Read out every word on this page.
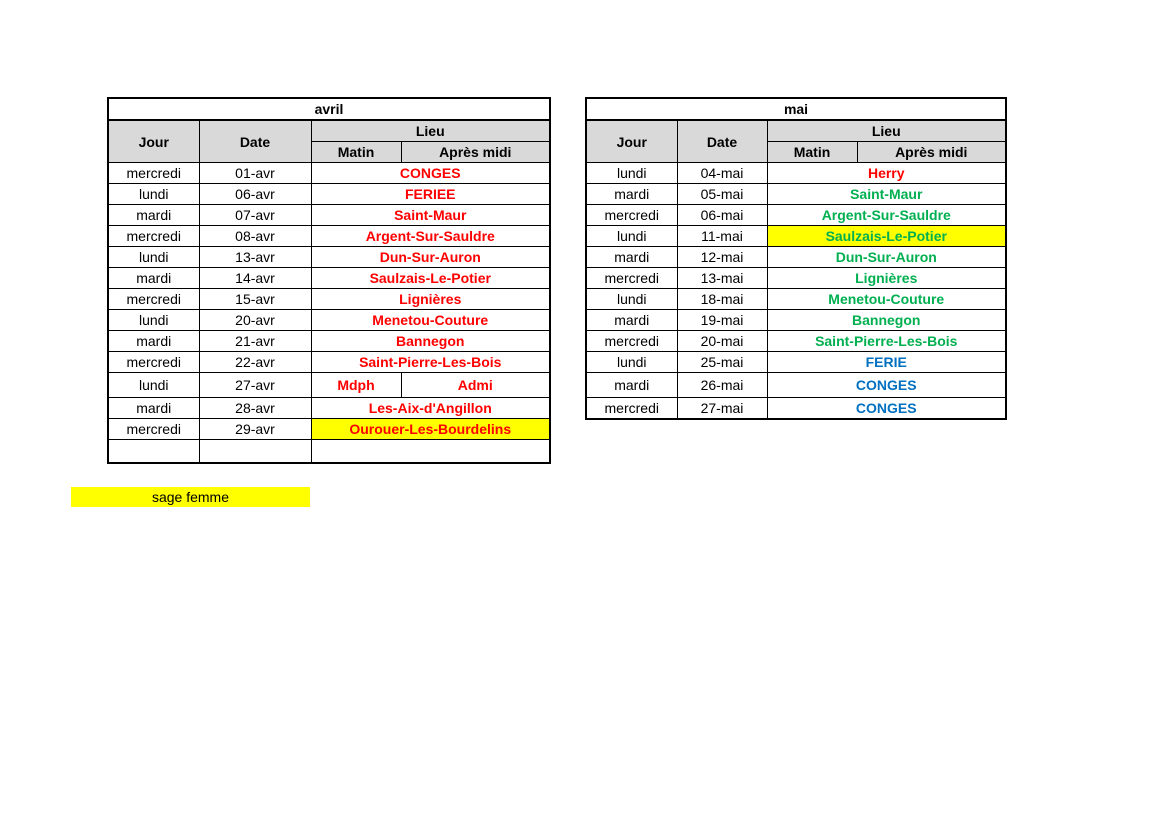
avril			
Jour	Date	Lieu	
		Matin	Après midi
mercredi	01-avr	CONGES	
lundi	06-avr	FERIEE	
mardi	07-avr	Saint-Maur	
mercredi	08-avr	Argent-Sur-Sauldre	
lundi	13-avr	Dun-Sur-Auron	
mardi	14-avr	Saulzais-Le-Potier	
mercredi	15-avr	Lignières	
lundi	20-avr	Menetou-Couture	
mardi	21-avr	Bannegon	
mercredi	22-avr	Saint-Pierre-Les-Bois	
lundi	27-avr	Mdph	Admi
mardi	28-avr	Les-Aix-d'Angillon	
mercredi	29-avr	Ourouer-Les-Bourdelins	

mai			
Jour	Date	Lieu	
		Matin	Après midi
lundi	04-mai	Herry	
mardi	05-mai	Saint-Maur	
mercredi	06-mai	Argent-Sur-Sauldre	
lundi	11-mai	Saulzais-Le-Potier	
mardi	12-mai	Dun-Sur-Auron	
mercredi	13-mai	Lignières	
lundi	18-mai	Menetou-Couture	
mardi	19-mai	Bannegon	
mercredi	20-mai	Saint-Pierre-Les-Bois	
lundi	25-mai	FERIE	
mardi	26-mai	CONGES	
mercredi	27-mai	CONGES	
sage femme
